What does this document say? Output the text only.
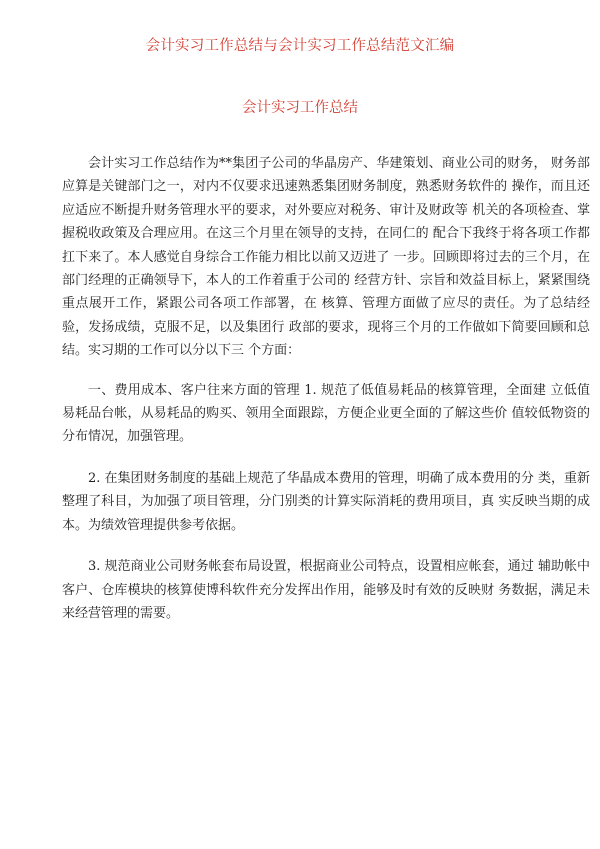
会计实习工作总结与会计实习工作总结范文汇编
会计实习工作总结

会计实习工作总结作为**集团子公司的华晶房产、华建策划、商业公司的财务， 财务部应算是关键部门之一，对内不仅要求迅速熟悉集团财务制度，熟悉财务软件的 操作，而且还应适应不断提升财务管理水平的要求，对外要应对税务、审计及财政等 机关的各项检查、掌握税收政策及合理应用。在这三个月里在领导的支持，在同仁的 配合下我终于将各项工作都扛下来了。本人感觉自身综合工作能力相比以前又迈进了 一步。回顾即将过去的三个月，在部门经理的正确领导下，本人的工作着重于公司的 经营方针、宗旨和效益目标上，紧紧围绕重点展开工作，紧跟公司各项工作部署，在 核算、管理方面做了应尽的责任。为了总结经验，发扬成绩，克服不足，以及集团行 政部的要求，现将三个月的工作做如下简要回顾和总结。实习期的工作可以分以下三 个方面：

一、费用成本、客户往来方面的管理 1. 规范了低值易耗品的核算管理，全面建 立低值易耗品台帐，从易耗品的购买、领用全面跟踪，方便企业更全面的了解这些价 值较低物资的分布情况，加强管理。

2. 在集团财务制度的基础上规范了华晶成本费用的管理，明确了成本费用的分 类，重新整理了科目，为加强了项目管理，分门别类的计算实际消耗的费用项目，真 实反映当期的成本。为绩效管理提供参考依据。

3. 规范商业公司财务帐套布局设置，根据商业公司特点，设置相应帐套，通过 辅助帐中客户、仓库模块的核算使博科软件充分发挥出作用，能够及时有效的反映财 务数据，满足未来经营管理的需要。
